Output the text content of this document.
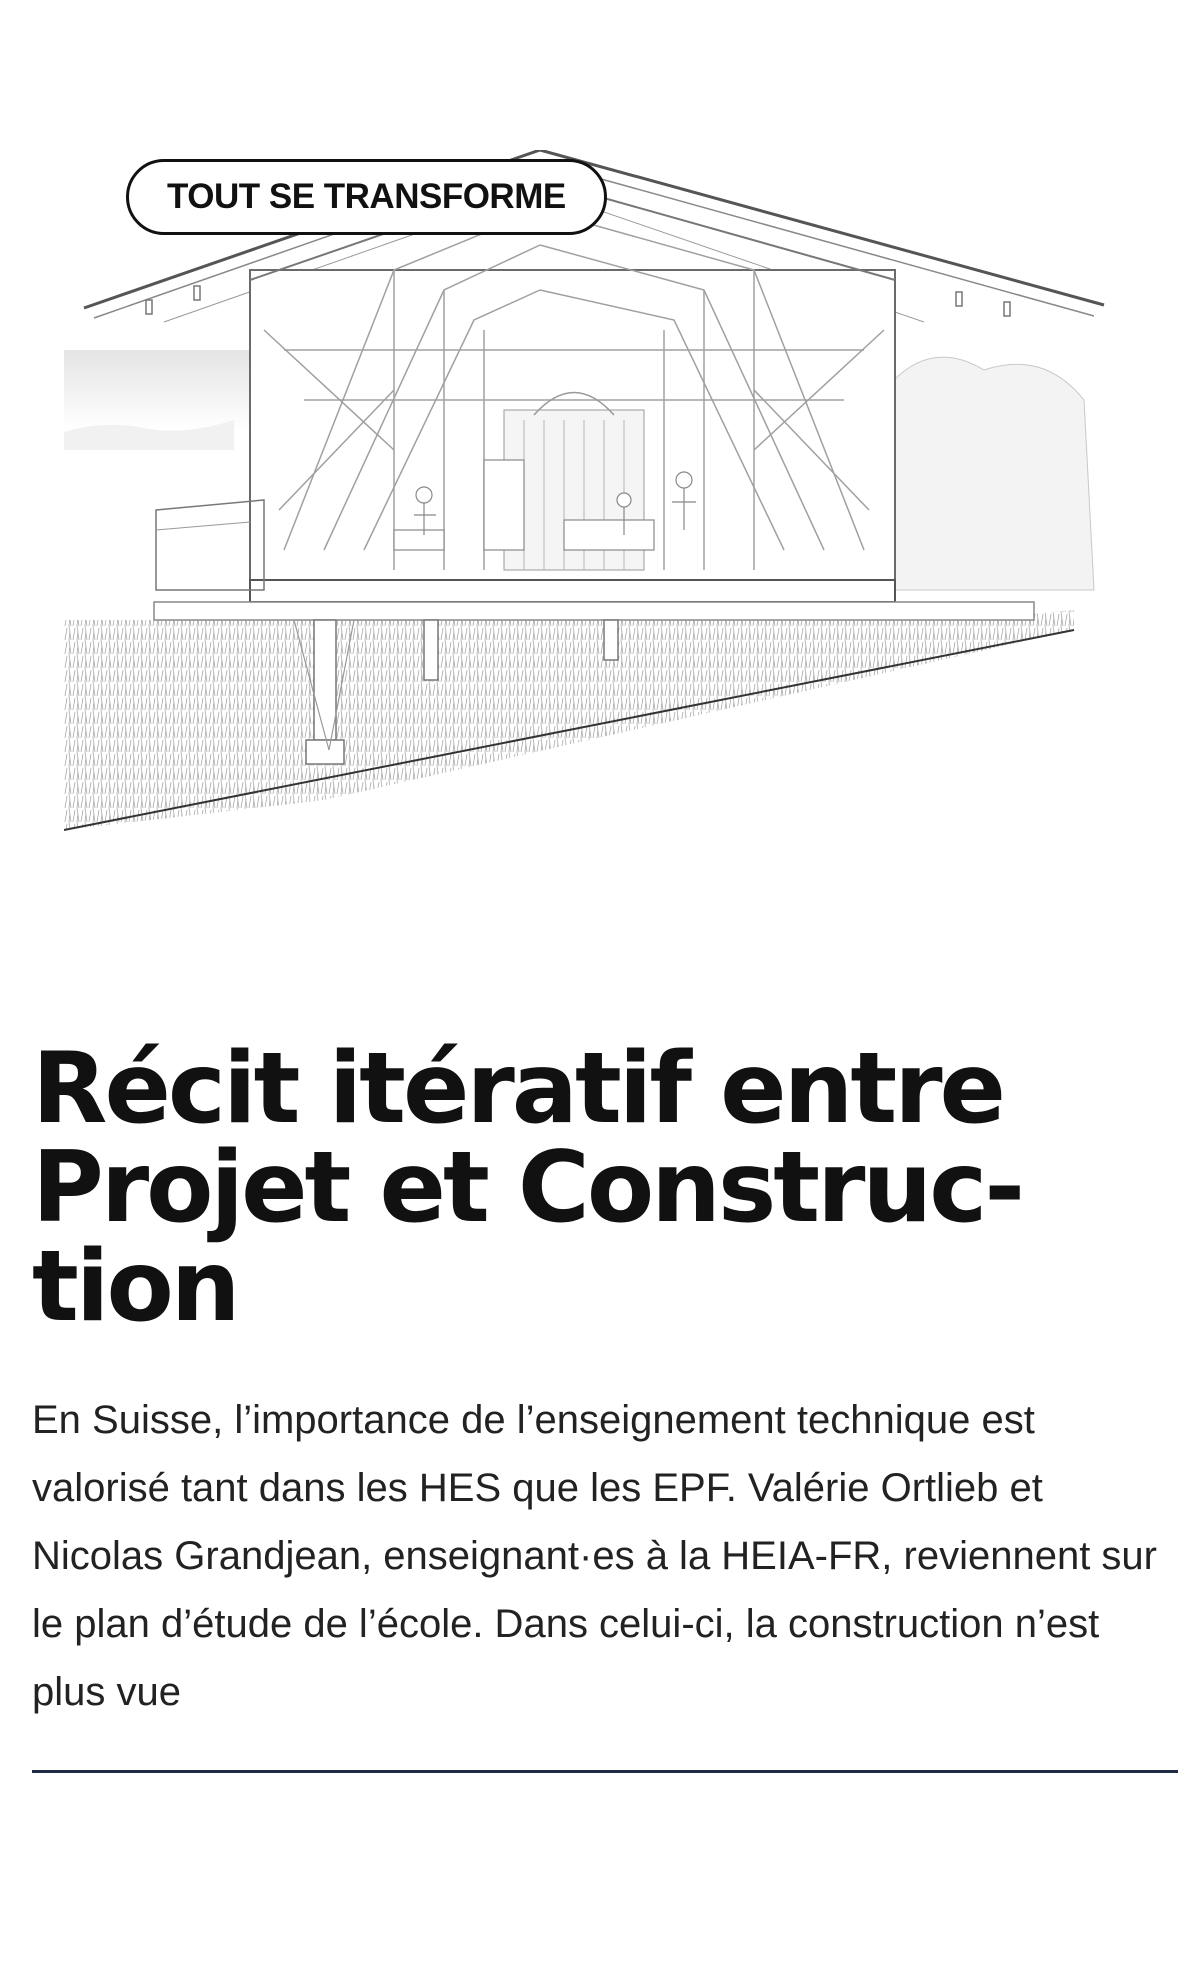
TOUT SE TRANSFORME
Récit itératif entre Projet et Construc-tion

En Suisse, l’importance de l’enseignement technique est valorisé tant dans les HES que les EPF. Valérie Ortlieb et Nicolas Grandjean, enseignant·es à la HEIA-FR, reviennent sur le plan d’étude de l’école. Dans celui-ci, la construction n’est plus vue
